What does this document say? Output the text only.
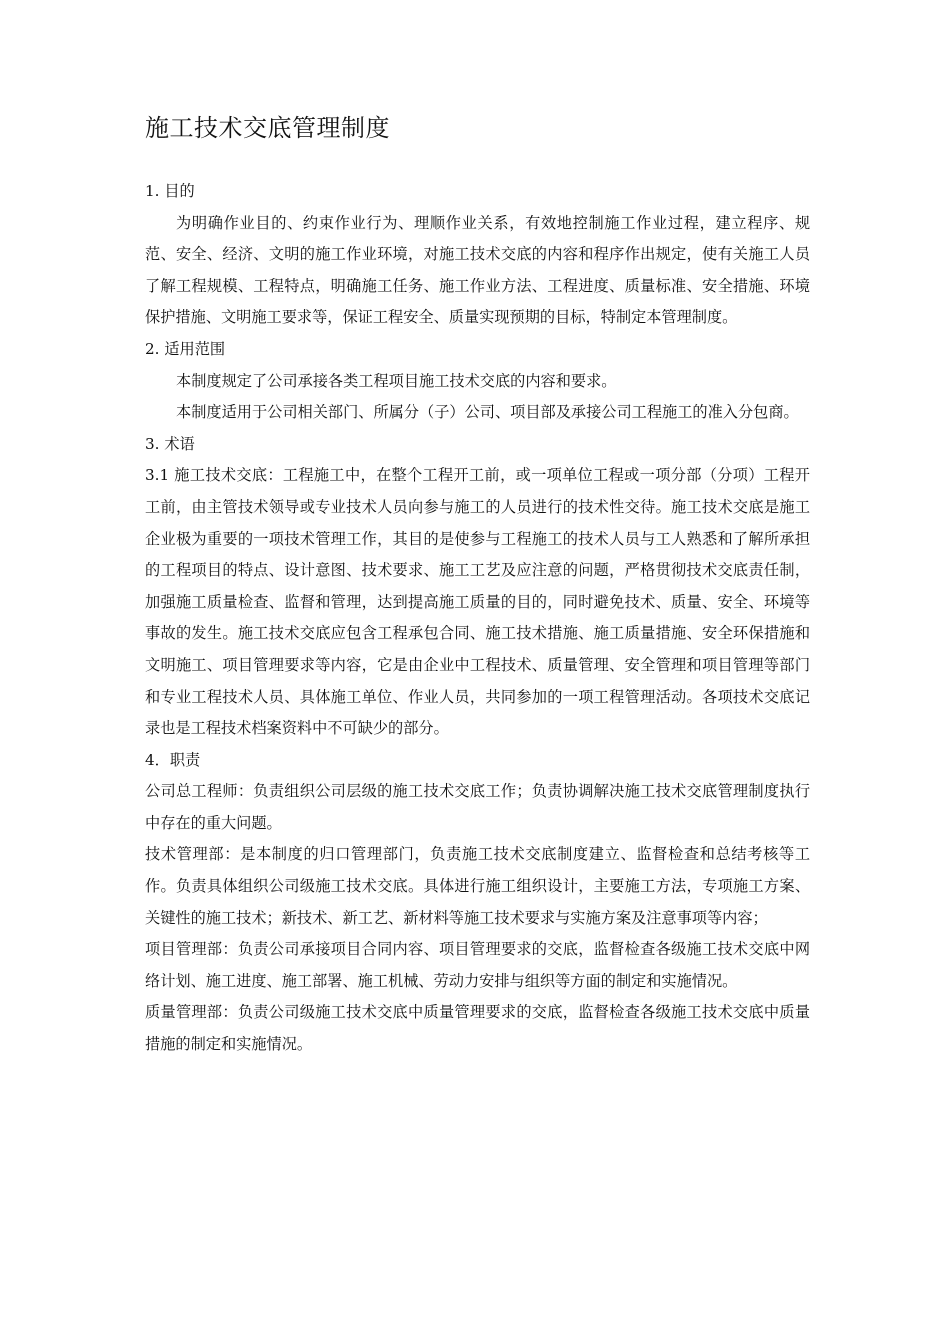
施工技术交底管理制度

1. 目的

为明确作业目的、约束作业行为、理顺作业关系，有效地控制施工作业过程，建立程序、规范、安全、经济、文明的施工作业环境，对施工技术交底的内容和程序作出规定，使有关施工人员了解工程规模、工程特点，明确施工任务、施工作业方法、工程进度、质量标准、安全措施、环境保护措施、文明施工要求等，保证工程安全、质量实现预期的目标，特制定本管理制度。

2. 适用范围

本制度规定了公司承接各类工程项目施工技术交底的内容和要求。

本制度适用于公司相关部门、所属分（子）公司、项目部及承接公司工程施工的准入分包商。

3. 术语

3.1 施工技术交底：工程施工中，在整个工程开工前，或一项单位工程或一项分部（分项）工程开工前，由主管技术领导或专业技术人员向参与施工的人员进行的技术性交待。施工技术交底是施工企业极为重要的一项技术管理工作，其目的是使参与工程施工的技术人员与工人熟悉和了解所承担的工程项目的特点、设计意图、技术要求、施工工艺及应注意的问题，严格贯彻技术交底责任制，加强施工质量检查、监督和管理，达到提高施工质量的目的，同时避免技术、质量、安全、环境等事故的发生。施工技术交底应包含工程承包合同、施工技术措施、施工质量措施、安全环保措施和文明施工、项目管理要求等内容，它是由企业中工程技术、质量管理、安全管理和项目管理等部门和专业工程技术人员、具体施工单位、作业人员，共同参加的一项工程管理活动。各项技术交底记录也是工程技术档案资料中不可缺少的部分。

4．职责

公司总工程师：负责组织公司层级的施工技术交底工作；负责协调解决施工技术交底管理制度执行中存在的重大问题。

技术管理部：是本制度的归口管理部门，负责施工技术交底制度建立、监督检查和总结考核等工作。负责具体组织公司级施工技术交底。具体进行施工组织设计，主要施工方法，专项施工方案、关键性的施工技术；新技术、新工艺、新材料等施工技术要求与实施方案及注意事项等内容；

项目管理部：负责公司承接项目合同内容、项目管理要求的交底，监督检查各级施工技术交底中网络计划、施工进度、施工部署、施工机械、劳动力安排与组织等方面的制定和实施情况。

质量管理部：负责公司级施工技术交底中质量管理要求的交底，监督检查各级施工技术交底中质量措施的制定和实施情况。
